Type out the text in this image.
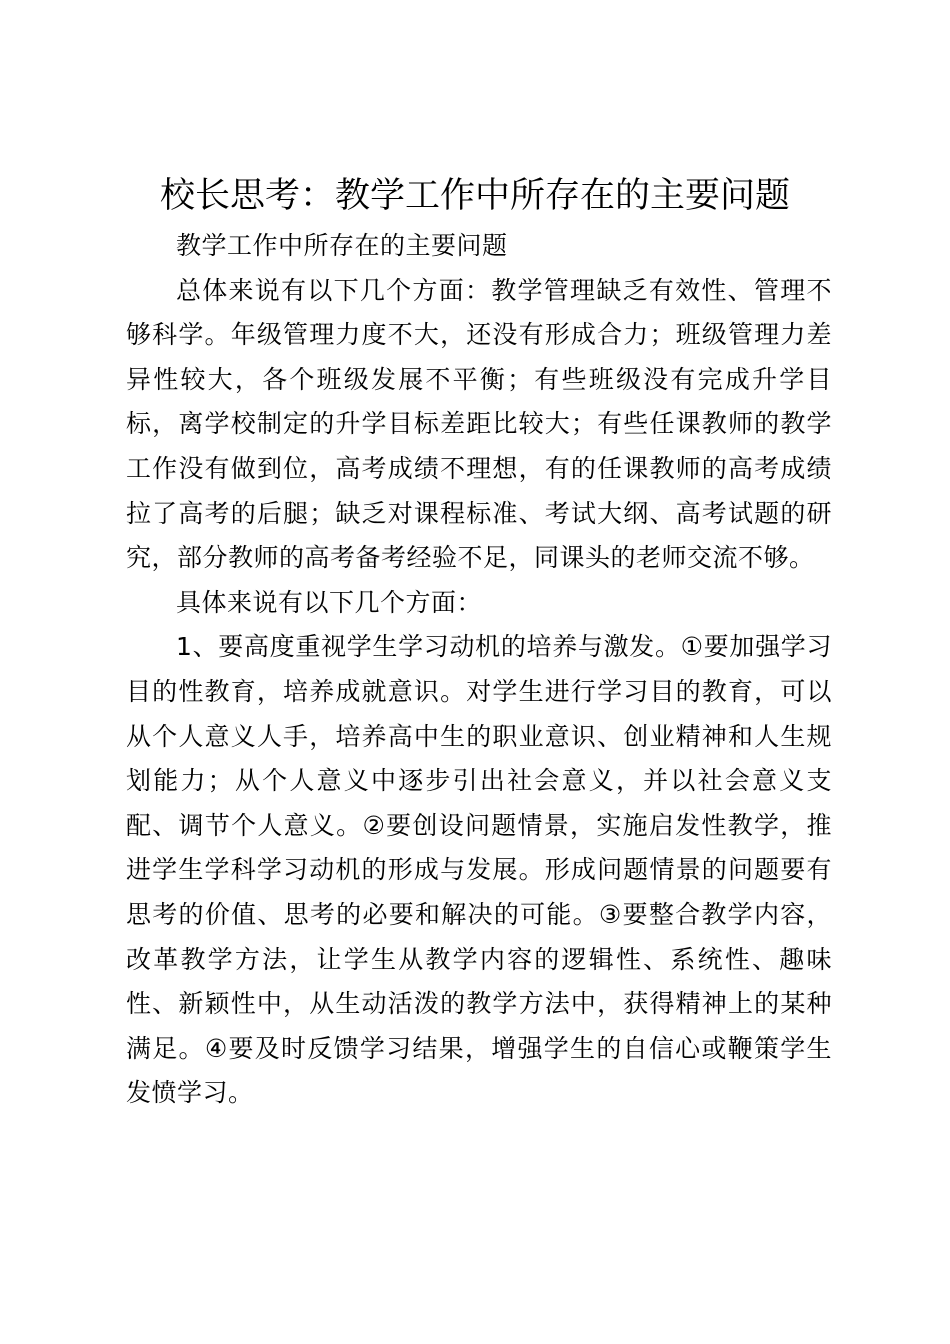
校长思考：教学工作中所存在的主要问题

教学工作中所存在的主要问题

总体来说有以下几个方面：教学管理缺乏有效性、管理不够科学。年级管理力度不大，还没有形成合力；班级管理力差异性较大，各个班级发展不平衡；有些班级没有完成升学目标，离学校制定的升学目标差距比较大；有些任课教师的教学工作没有做到位，高考成绩不理想，有的任课教师的高考成绩拉了高考的后腿；缺乏对课程标准、考试大纲、高考试题的研究，部分教师的高考备考经验不足，同课头的老师交流不够。

具体来说有以下几个方面：

1、要高度重视学生学习动机的培养与激发。①要加强学习目的性教育，培养成就意识。对学生进行学习目的教育，可以从个人意义人手，培养高中生的职业意识、创业精神和人生规划能力；从个人意义中逐步引出社会意义，并以社会意义支配、调节个人意义。②要创设问题情景，实施启发性教学，推进学生学科学习动机的形成与发展。形成问题情景的问题要有思考的价值、思考的必要和解决的可能。③要整合教学内容，改革教学方法，让学生从教学内容的逻辑性、系统性、趣味性、新颖性中，从生动活泼的教学方法中，获得精神上的某种满足。④要及时反馈学习结果，增强学生的自信心或鞭策学生发愤学习。
